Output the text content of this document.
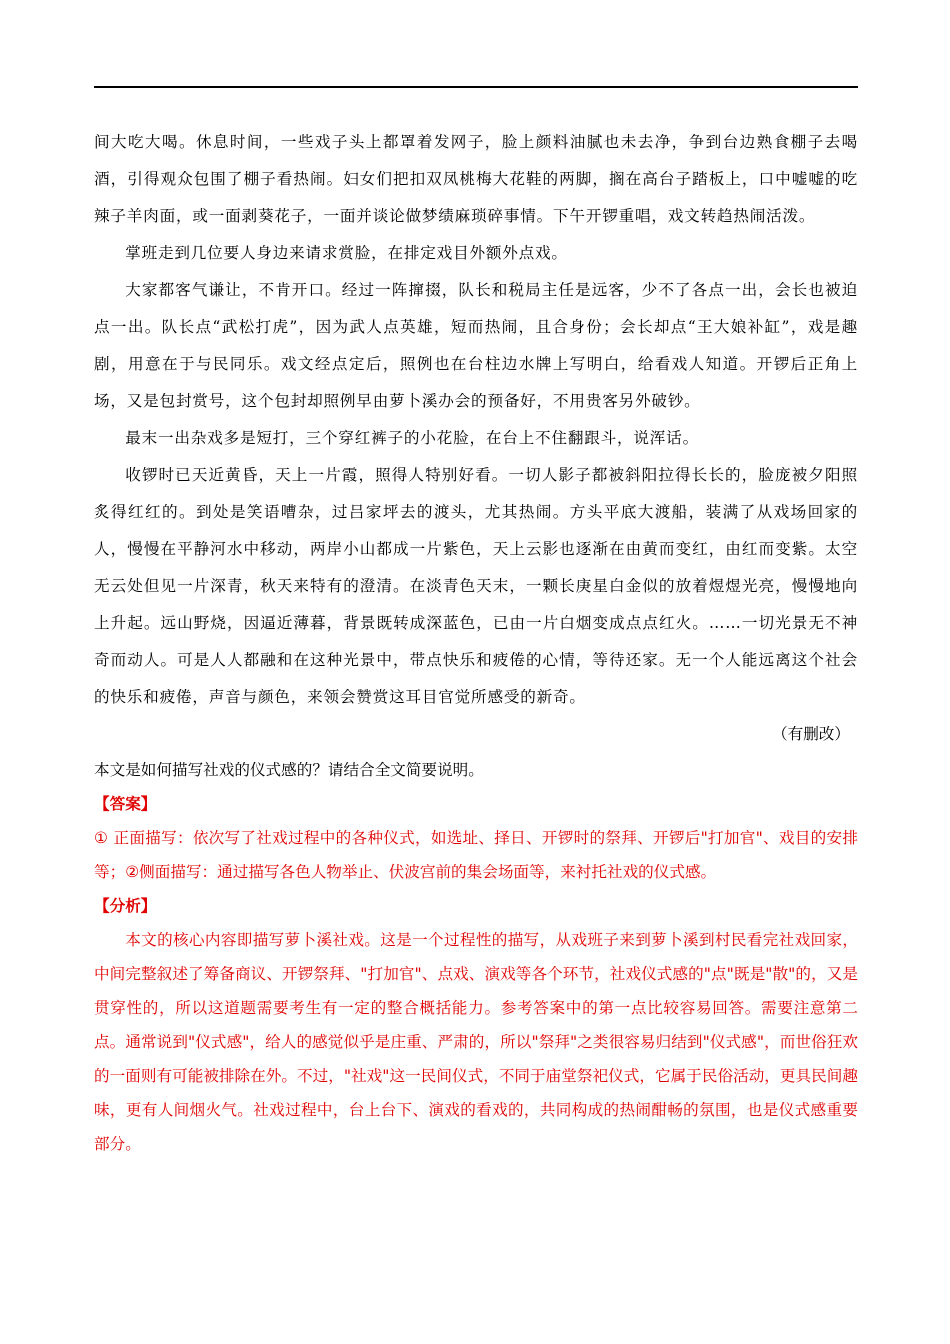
间大吃大喝。休息时间，一些戏子头上都罩着发网子，脸上颜料油腻也未去净，争到台边熟食棚子去喝酒，引得观众包围了棚子看热闹。妇女们把扣双凤桃梅大花鞋的两脚，搁在高台子踏板上，口中嘘嘘的吃辣子羊肉面，或一面剥葵花子，一面并谈论做梦绩麻琐碎事情。下午开锣重唱，戏文转趋热闹活泼。

掌班走到几位要人身边来请求赏脸，在排定戏目外额外点戏。

大家都客气谦让，不肯开口。经过一阵撺掇，队长和税局主任是远客，少不了各点一出，会长也被迫点一出。队长点“武松打虎”，因为武人点英雄，短而热闹，且合身份；会长却点“王大娘补缸”，戏是趣剧，用意在于与民同乐。戏文经点定后，照例也在台柱边水牌上写明白，给看戏人知道。开锣后正角上场，又是包封赏号，这个包封却照例早由萝卜溪办会的预备好，不用贵客另外破钞。

最末一出杂戏多是短打，三个穿红裤子的小花脸，在台上不住翻跟斗，说浑话。

收锣时已天近黄昏，天上一片霞，照得人特别好看。一切人影子都被斜阳拉得长长的，脸庞被夕阳照炙得红红的。到处是笑语嘈杂，过吕家坪去的渡头，尤其热闹。方头平底大渡船，装满了从戏场回家的人，慢慢在平静河水中移动，两岸小山都成一片紫色，天上云影也逐渐在由黄而变红，由红而变紫。太空无云处但见一片深青，秋天来特有的澄清。在淡青色天末，一颗长庚星白金似的放着煜煜光亮，慢慢地向上升起。远山野烧，因逼近薄暮，背景既转成深蓝色，已由一片白烟变成点点红火。……一切光景无不神奇而动人。可是人人都融和在这种光景中，带点快乐和疲倦的心情，等待还家。无一个人能远离这个社会的快乐和疲倦，声音与颜色，来领会赞赏这耳目官觉所感受的新奇。

（有删改）

本文是如何描写社戏的仪式感的？请结合全文简要说明。

【答案】

① 正面描写：依次写了社戏过程中的各种仪式，如选址、择日、开锣时的祭拜、开锣后"打加官"、戏目的安排等；②侧面描写：通过描写各色人物举止、伏波宫前的集会场面等，来衬托社戏的仪式感。

【分析】

本文的核心内容即描写萝卜溪社戏。这是一个过程性的描写，从戏班子来到萝卜溪到村民看完社戏回家，中间完整叙述了筹备商议、开锣祭拜、"打加官"、点戏、演戏等各个环节，社戏仪式感的"点"既是"散"的，又是贯穿性的，所以这道题需要考生有一定的整合概括能力。参考答案中的第一点比较容易回答。需要注意第二点。通常说到"仪式感"，给人的感觉似乎是庄重、严肃的，所以"祭拜"之类很容易归结到"仪式感"，而世俗狂欢的一面则有可能被排除在外。不过，"社戏"这一民间仪式，不同于庙堂祭祀仪式，它属于民俗活动，更具民间趣味，更有人间烟火气。社戏过程中，台上台下、演戏的看戏的，共同构成的热闹酣畅的氛围，也是仪式感重要部分。
